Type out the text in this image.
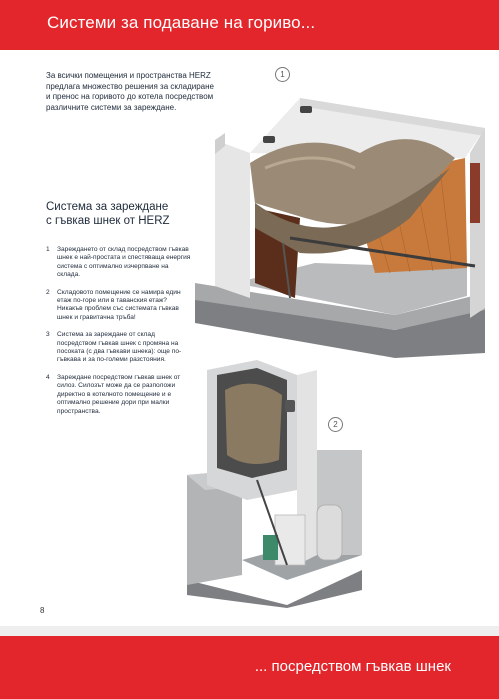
Системи за подаване на гориво...
За всички помещения и пространства HERZ предлага множество решения за складиране и пренос на горивото до котела посредством различните системи за зареждане.
Система за зареждане
с гъвкав шнек от HERZ
1	Зареждането от склад посредством гъвкав шнек е най-простата и спестяваща енергия система с оптимално изчерпване на склада.
2	Складовото помещение се намира един етаж по-горе или в таванския етаж? Никакъв проблем със системата гъвкав шнек и гравитачна тръба!
3	Система за зареждане от склад посредством гъвкав шнек с промяна на посоката (с два гъвкави шнека): още по-гъвкава и за по-големи разстояния.
4	Зареждане посредством гъвкав шнек от силоз. Силозът може да се разположи директно в котелното помещение и е оптимално решение дори при малки пространства.
1
2
8
... посредством гъвкав шнек
